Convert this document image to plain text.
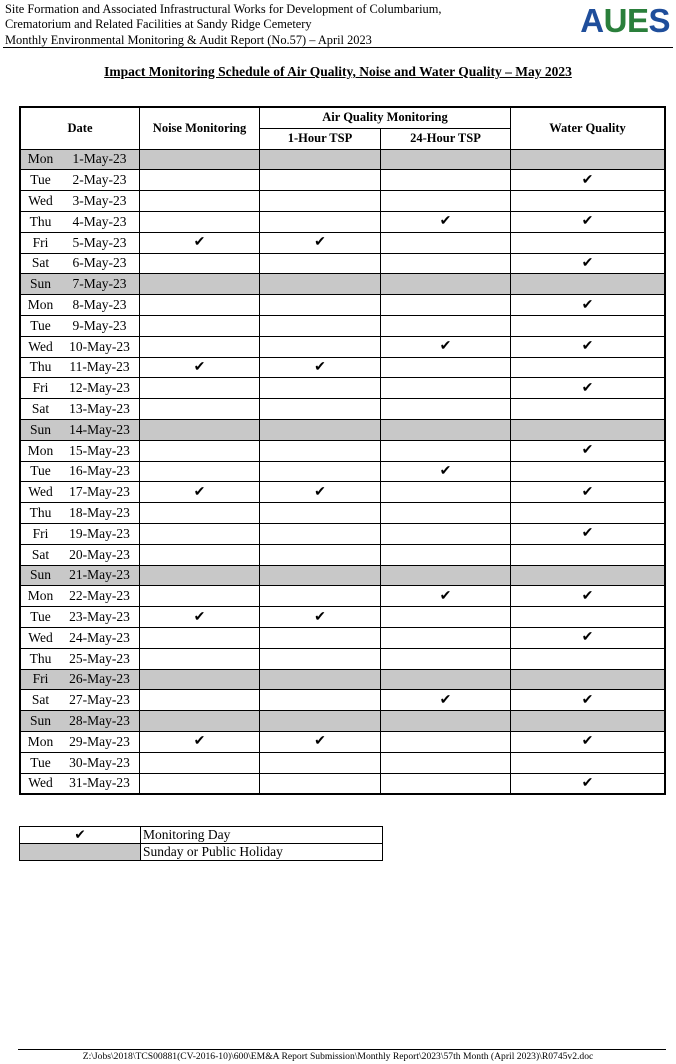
Site Formation and Associated Infrastructural Works for Development of Columbarium,
Crematorium and Related Facilities at Sandy Ridge Cemetery
Monthly Environmental Monitoring & Audit Report (No.57) – April 2023
AUES
Impact Monitoring Schedule of Air Quality, Noise and Water Quality – May 2023
Date		Noise Monitoring	Air Quality Monitoring		Water Quality
			1-Hour TSP	24-Hour TSP	
Mon	1-May-23				
Tue	2-May-23				✔
Wed	3-May-23				
Thu	4-May-23			✔	✔
Fri	5-May-23	✔	✔		
Sat	6-May-23				✔
Sun	7-May-23				
Mon	8-May-23				✔
Tue	9-May-23				
Wed	10-May-23			✔	✔
Thu	11-May-23	✔	✔		
Fri	12-May-23				✔
Sat	13-May-23				
Sun	14-May-23				
Mon	15-May-23				✔
Tue	16-May-23			✔	
Wed	17-May-23	✔	✔		✔
Thu	18-May-23				
Fri	19-May-23				✔
Sat	20-May-23				
Sun	21-May-23				
Mon	22-May-23			✔	✔
Tue	23-May-23	✔	✔		
Wed	24-May-23				✔
Thu	25-May-23				
Fri	26-May-23				
Sat	27-May-23			✔	✔
Sun	28-May-23				
Mon	29-May-23	✔	✔		✔
Tue	30-May-23				
Wed	31-May-23				✔
✔	Monitoring Day
	Sunday or Public Holiday
Z:\Jobs\2018\TCS00881(CV-2016-10)\600\EM&A Report Submission\Monthly Report\2023\57th Month (April 2023)\R0745v2.doc
